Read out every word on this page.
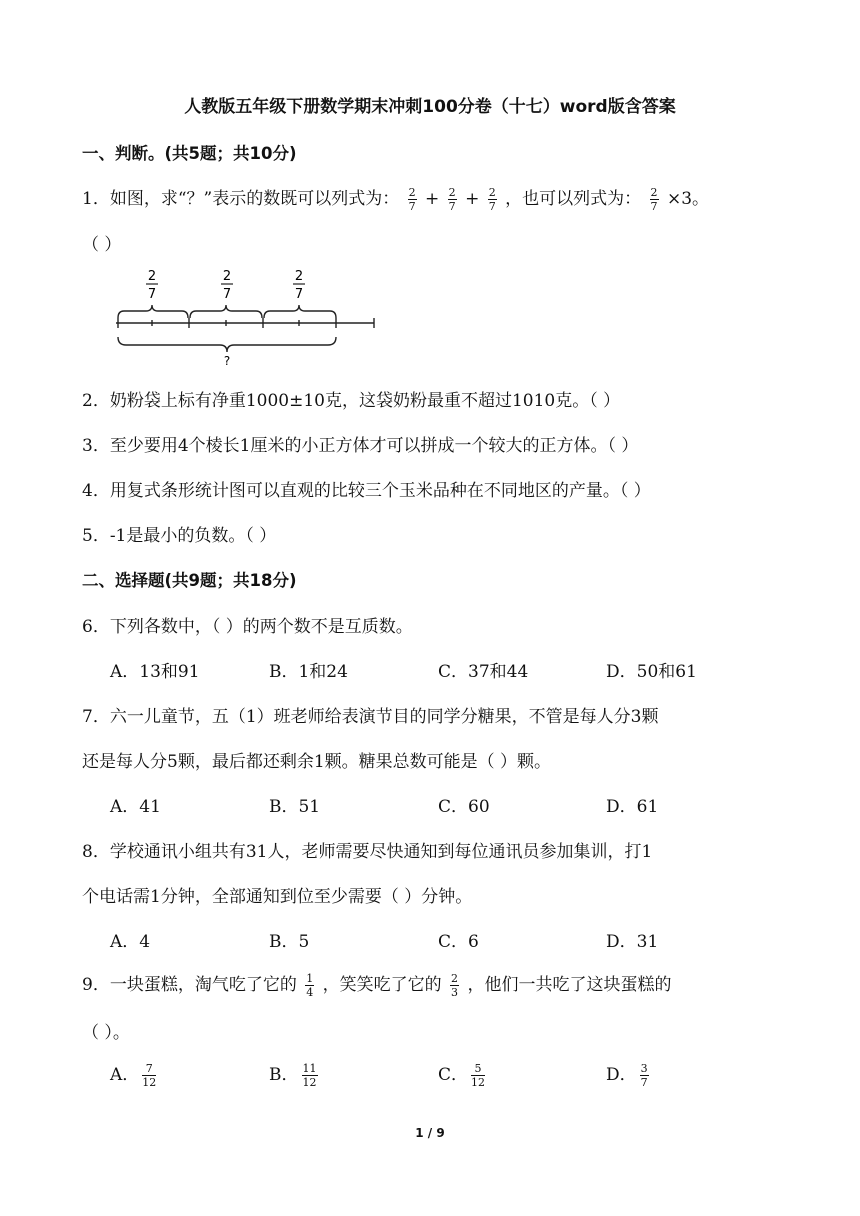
人教版五年级下册数学期末冲刺100分卷（十七）word版含答案
一、判断。(共5题；共10分)
1．如图，求“？”表示的数既可以列式为： $\frac{2}{7} + \frac{2}{7} + \frac{2}{7}$ ，也可以列式为： $\frac{2}{7} \times 3$。
（ ）
2
7
2
7
2
7
?
2．奶粉袋上标有净重1000±10克，这袋奶粉最重不超过1010克。（ ）
3．至少要用4个棱长1厘米的小正方体才可以拼成一个较大的正方体。（ ）
4．用复式条形统计图可以直观的比较三个玉米品种在不同地区的产量。（ ）
5．-1是最小的负数。（ ）
二、选择题(共9题；共18分)
6．下列各数中，（ ）的两个数不是互质数。
A．13和91	B．1和24	C．37和44	D．50和61
7．六一儿童节，五（1）班老师给表演节目的同学分糖果，不管是每人分3颗
还是每人分5颗，最后都还剩余1颗。糖果总数可能是（ ）颗。
A．41	B．51	C．60	D．61
8．学校通讯小组共有31人，老师需要尽快通知到每位通讯员参加集训，打1
个电话需1分钟，全部通知到位至少需要（ ）分钟。
A．4	B．5	C．6	D．31
9．一块蛋糕，淘气吃了它的 $\frac{1}{4}$ ，笑笑吃了它的 $\frac{2}{3}$ ，他们一共吃了这块蛋糕的
（ ）。
A． $\frac{7}{12}$	B． $\frac{11}{12}$	C． $\frac{5}{12}$	D． $\frac{3}{7}$
1 / 9
